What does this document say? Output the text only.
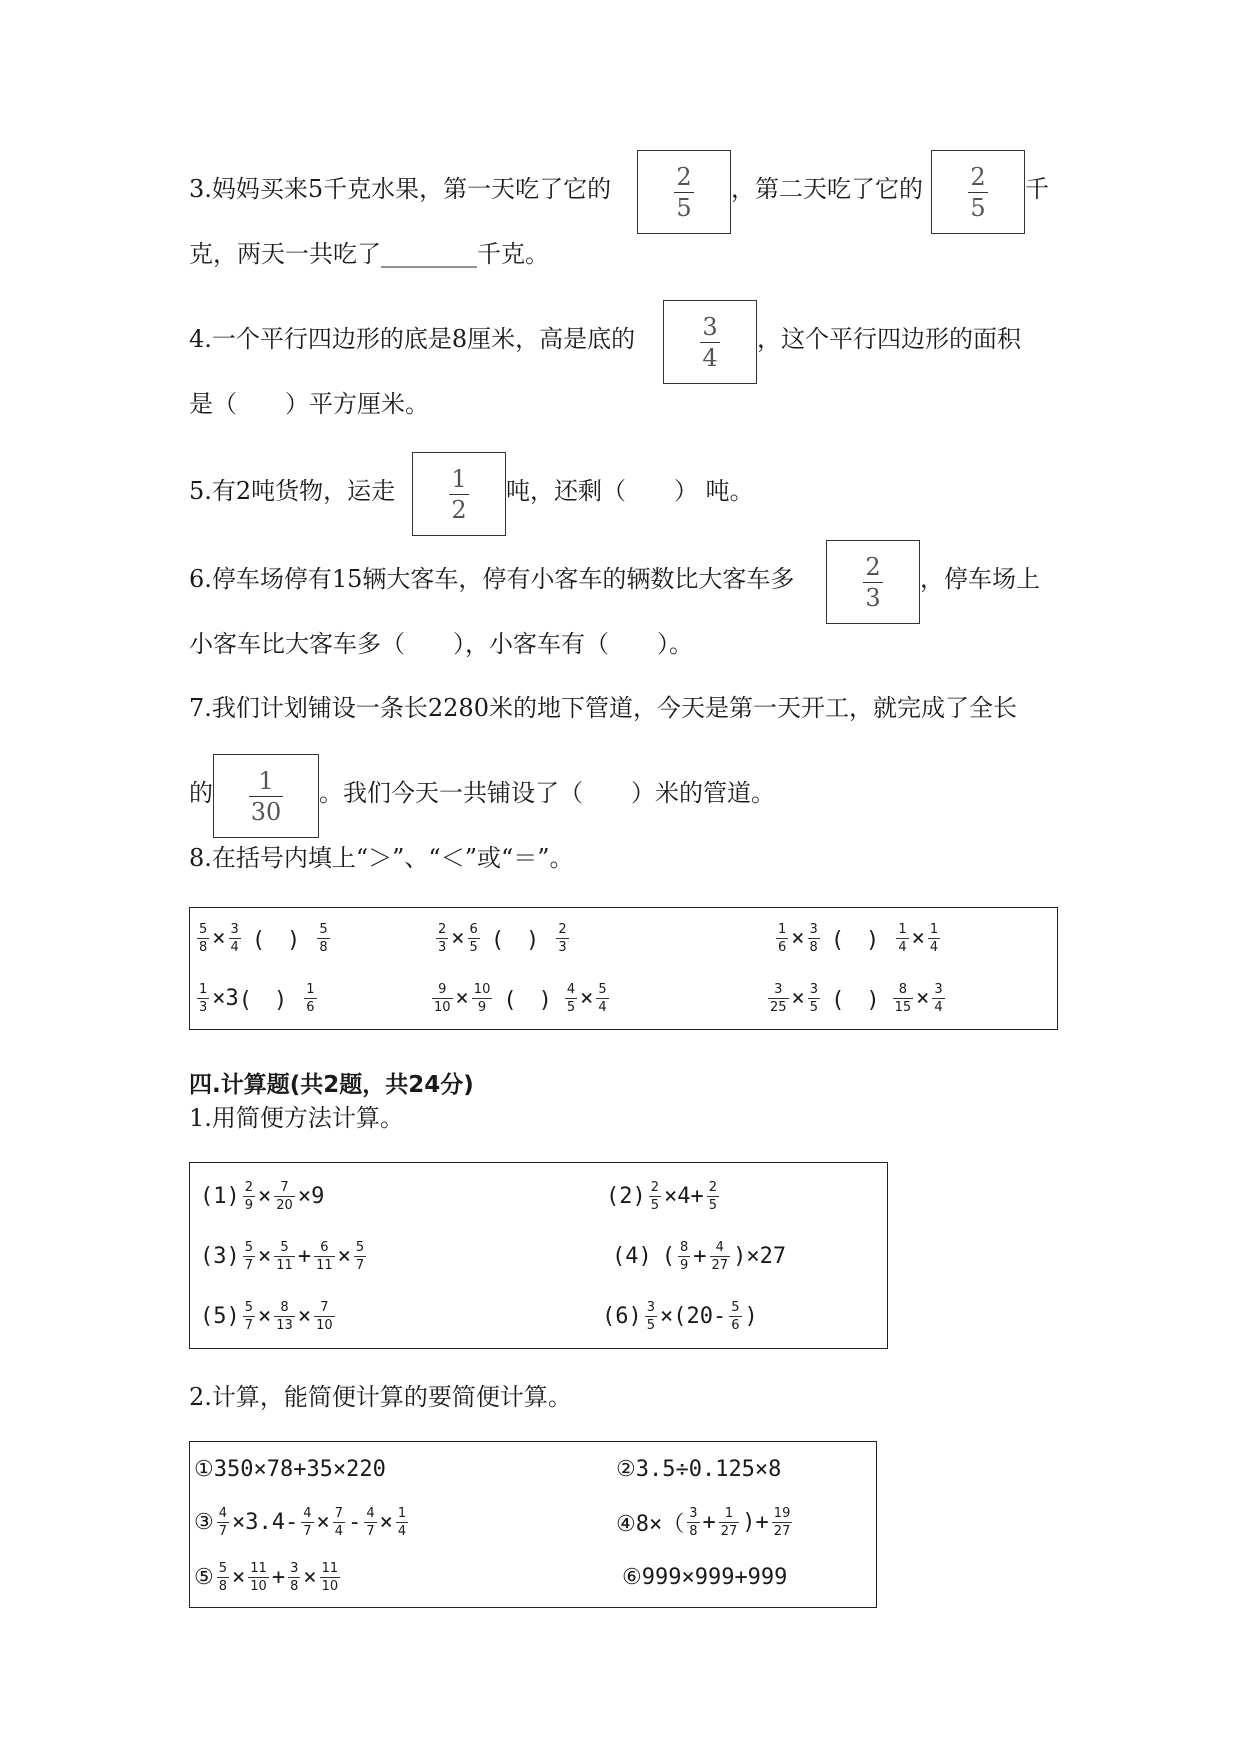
3.妈妈买来5千克水果，第一天吃了它的	$\frac{2}{5}$ ，第二天吃了它的 $\frac{2}{5}$ 千
克，两天一共吃了________千克。
4.一个平行四边形的底是8厘米，高是底的	$\frac{3}{4}$ ，这个平行四边形的面积
是（　　）平方厘米。
5.有2吨货物，运走 $\frac{1}{2}$ 吨，还剩（　　） 吨。
6.停车场停有15辆大客车，停有小客车的辆数比大客车多	$\frac{2}{3}$ ，停车场上
小客车比大客车多（　　），小客车有（　　）。
7.我们计划铺设一条长2280米的地下管道，今天是第一天开工，就完成了全长
的 $\frac{1}{30}$ 。我们今天一共铺设了（　　）米的管道。
8.在括号内填上“＞”、“＜”或“＝”。
$\frac{5}{8} \times \frac{3}{4}$ (　) $\frac{5}{8}$	$\frac{2}{3} \times \frac{6}{5}$ (　) $\frac{2}{3}$	$\frac{1}{6} \times \frac{3}{8}$ (　) $\frac{1}{4} \times \frac{1}{4}$
$\frac{1}{3} \times 3$ (　) $\frac{1}{6}$	$\frac{9}{10} \times \frac{10}{9}$ (　) $\frac{4}{5} \times \frac{5}{4}$	$\frac{3}{25} \times \frac{3}{5}$ (　) $\frac{8}{15} \times \frac{3}{4}$
四.计算题(共2题，共24分)
1.用简便方法计算。
$(1) \frac{2}{9} \times \frac{7}{20} \times 9$	$(2) \frac{2}{5} \times 4+ \frac{2}{5}$
$(3) \frac{5}{7} \times \frac{5}{11} + \frac{6}{11} \times \frac{5}{7}$	(4) ( $\frac{8}{9} + \frac{4}{27} )\times 27$
$(5) \frac{5}{7} \times \frac{8}{13} \times \frac{7}{10}$	$(6) \frac{3}{5} \times(20- \frac{5}{6}$ )
2.计算，能简便计算的要简便计算。
①350×78+35×220	②3.5÷0.125×8
③ $\frac{4}{7} \times 3.4- \frac{4}{7} \times \frac{7}{4} - \frac{4}{7} \times \frac{1}{4}$	④8×（ $\frac{3}{8} + \frac{1}{27}$ )+ $\frac{19}{27}$
⑤ $\frac{5}{8} \times \frac{11}{10} + \frac{3}{8} \times \frac{11}{10}$	⑥999×999+999
